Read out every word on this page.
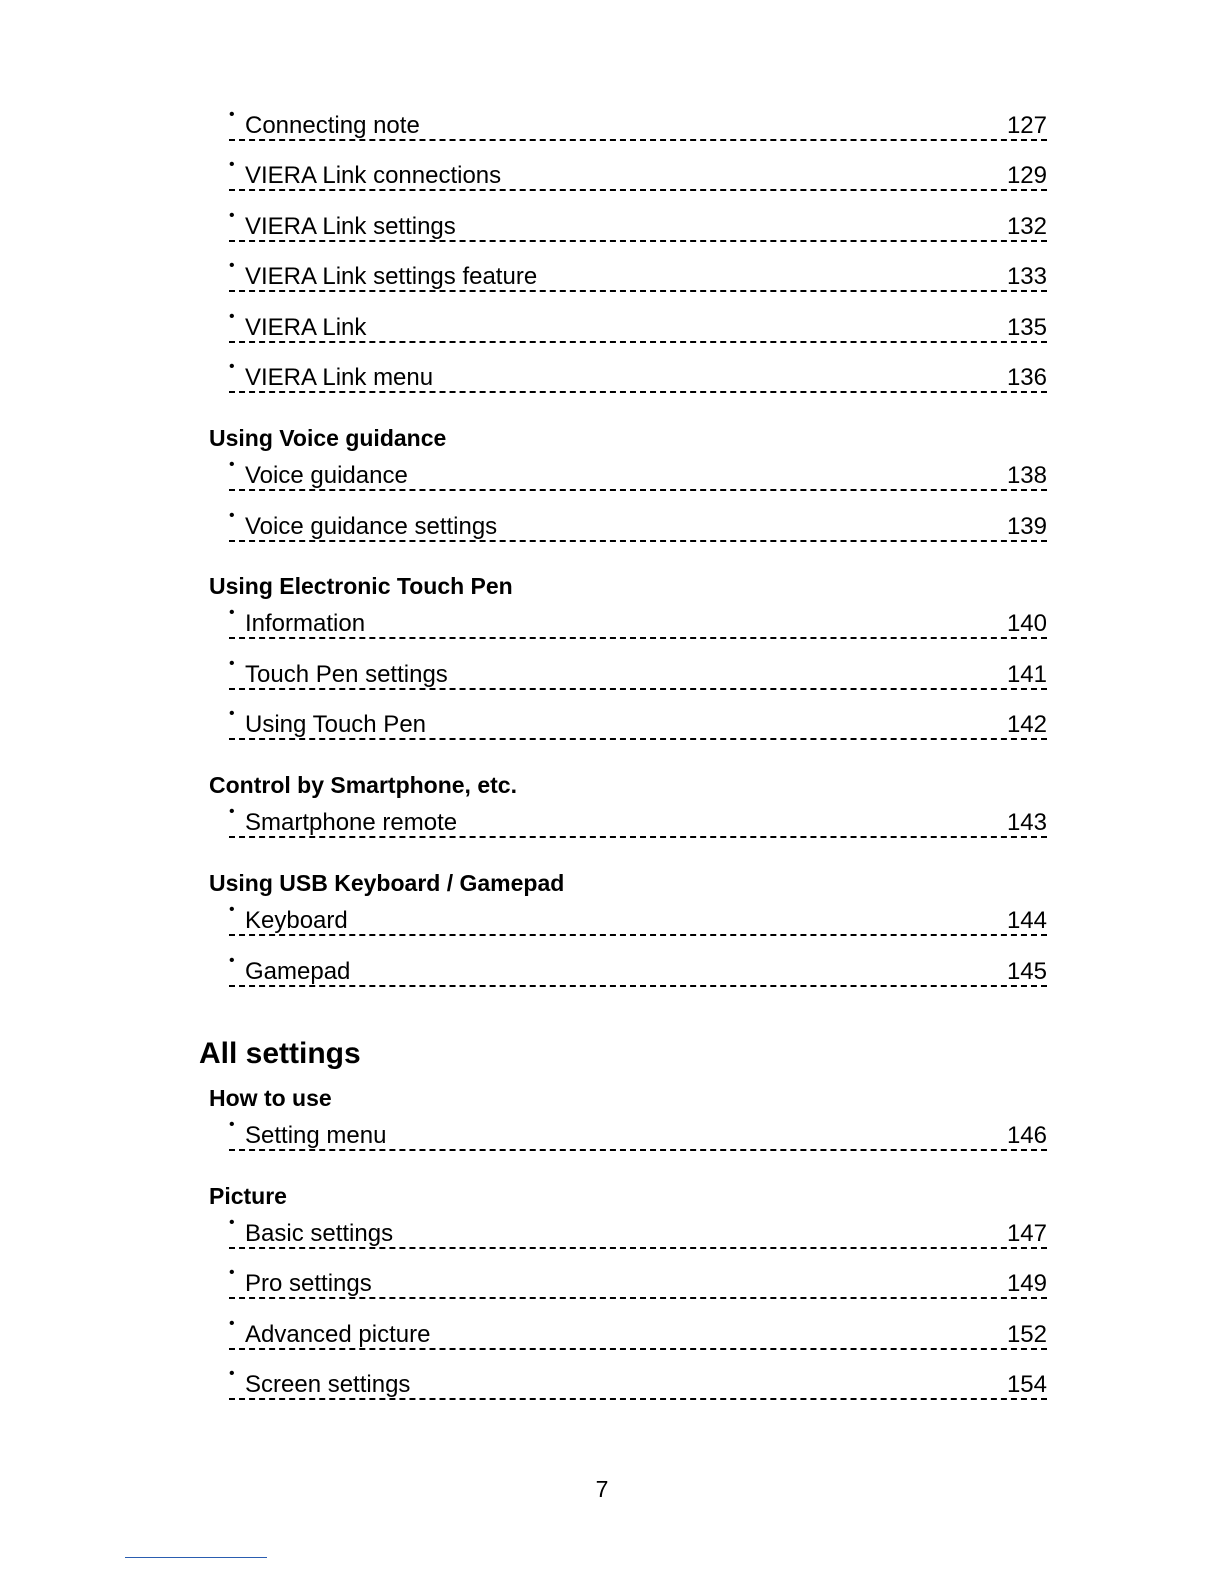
• Connecting note	127
• VIERA Link connections	129
• VIERA Link settings	132
• VIERA Link settings feature	133
• VIERA Link	135
• VIERA Link menu	136
Using Voice guidance
• Voice guidance	138
• Voice guidance settings	139
Using Electronic Touch Pen
• Information	140
• Touch Pen settings	141
• Using Touch Pen	142
Control by Smartphone, etc.
• Smartphone remote	143
Using USB Keyboard / Gamepad
• Keyboard	144
• Gamepad	145
All settings
How to use
• Setting menu	146
Picture
• Basic settings	147
• Pro settings	149
• Advanced picture	152
• Screen settings	154
7
